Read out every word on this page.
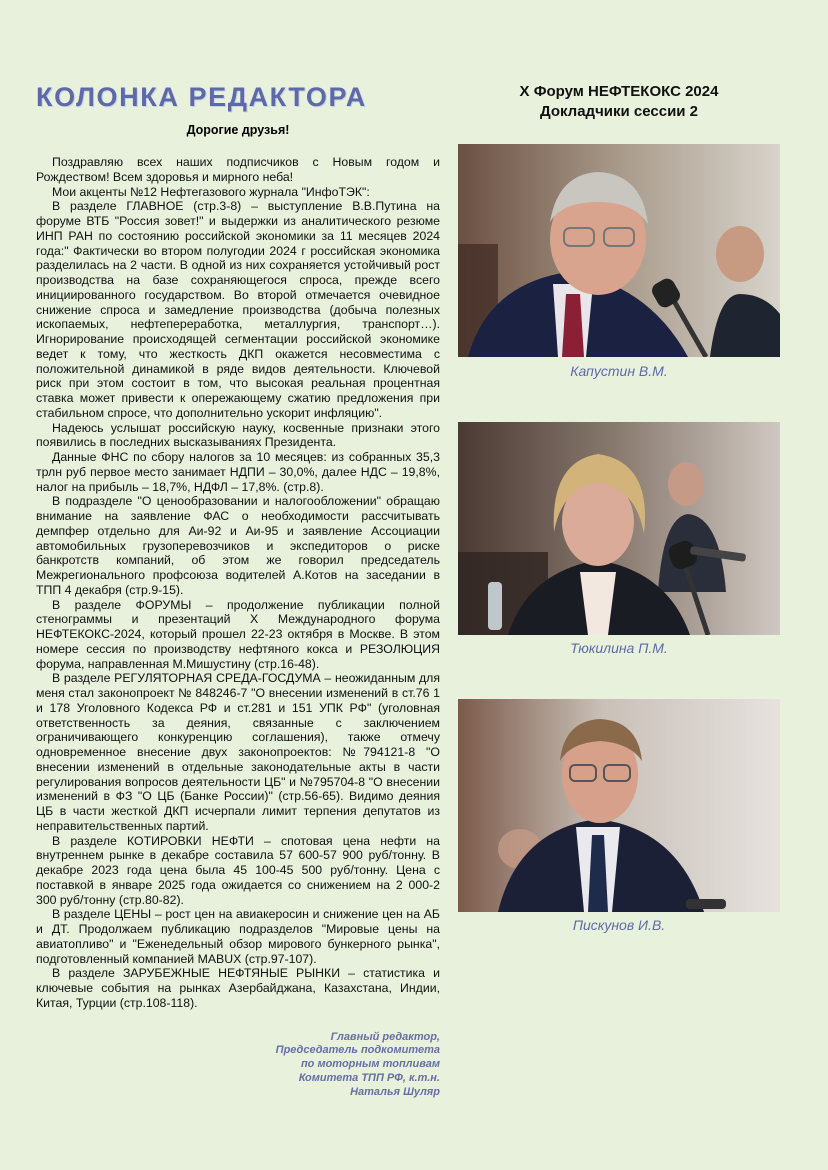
КОЛОНКА РЕДАКТОРА
Дорогие друзья!

Поздравляю всех наших подписчиков с Новым годом и Рождеством! Всем здоровья и мирного неба!

Мои акценты №12 Нефтегазового журнала "ИнфоТЭК":

В разделе ГЛАВНОЕ (стр.3-8) – выступление В.В.Путина на форуме ВТБ "Россия зовет!" и выдержки из аналитического резюме ИНП РАН по состоянию российской экономики за 11 месяцев 2024 года:" Фактически во втором полугодии 2024 г российская экономика разделилась на 2 части. В одной из них сохраняется устойчивый рост производства на базе сохраняющегося спроса, прежде всего инициированного государством. Во второй отмечается очевидное снижение спроса и замедление производства (добыча полезных ископаемых, нефтепереработка, металлургия, транспорт…). Игнорирование происходящей сегментации российской экономике ведет к тому, что жесткость ДКП окажется несовместима с положительной динамикой в ряде видов деятельности. Ключевой риск при этом состоит в том, что высокая реальная процентная ставка может привести к опережающему сжатию предложения при стабильном спросе, что дополнительно ускорит инфляцию".

Надеюсь услышат российскую науку, косвенные признаки этого появились в последних высказываниях Президента.

Данные ФНС по сбору налогов за 10 месяцев: из собранных 35,3 трлн руб первое место занимает НДПИ – 30,0%, далее НДС – 19,8%, налог на прибыль – 18,7%, НДФЛ – 17,8%. (стр.8).

В подразделе "О ценообразовании и налогообложении" обращаю внимание на заявление ФАС о необходимости рассчитывать демпфер отдельно для Аи-92 и Аи-95 и заявление Ассоциации автомобильных грузоперевозчиков и экспедиторов о риске банкротств компаний, об этом же говорил председатель Межрегионального профсоюза водителей А.Котов на заседании в ТПП 4 декабря (стр.9-15).

В разделе ФОРУМЫ – продолжение публикации полной стенограммы и презентаций X Международного форума НЕФТЕКОКС-2024, который прошел 22-23 октября в Москве. В этом номере сессия по производству нефтяного кокса и РЕЗОЛЮЦИЯ форума, направленная М.Мишустину (стр.16-48).

В разделе РЕГУЛЯТОРНАЯ СРЕДА-ГОСДУМА – неожиданным для меня стал законопроект № 848246-7 "О внесении изменений в ст.76 1 и 178 Уголовного Кодекса РФ и ст.281 и 151 УПК РФ" (уголовная ответственность за деяния, связанные с заключением ограничивающего конкуренцию соглашения), также отмечу одновременное внесение двух законопроектов: №794121-8 "О внесении изменений в отдельные законодательные акты в части регулирования вопросов деятельности ЦБ" и №795704-8 "О внесении изменений в ФЗ "О ЦБ (Банке России)" (стр.56-65). Видимо деяния ЦБ в части жесткой ДКП исчерпали лимит терпения депутатов из неправительственных партий.

В разделе КОТИРОВКИ НЕФТИ – спотовая цена нефти на внутреннем рынке в декабре составила 57 600-57 900 руб/тонну. В декабре 2023 года цена была 45 100-45 500 руб/тонну. Цена с поставкой в январе 2025 года ожидается со снижением на 2 000-2 300 руб/тонну (стр.80-82).

В разделе ЦЕНЫ – рост цен на авиакеросин и снижение цен на АБ и ДТ. Продолжаем публикацию подразделов "Мировые цены на авиатопливо" и "Еженедельный обзор мирового бункерного рынка", подготовленный компанией MABUX (стр.97-107).

В разделе ЗАРУБЕЖНЫЕ НЕФТЯНЫЕ РЫНКИ – статистика и ключевые события на рынках Азербайджана, Казахстана, Индии, Китая, Турции (стр.108-118).

Главный редактор,
Председатель подкомитета
по моторным топливам
Комитета ТПП РФ, к.т.н.
Наталья Шуляр
X Форум НЕФТЕКОКС 2024
Докладчики сессии 2
Капустин В.М.
Тюкилина П.М.
Пискунов И.В.
